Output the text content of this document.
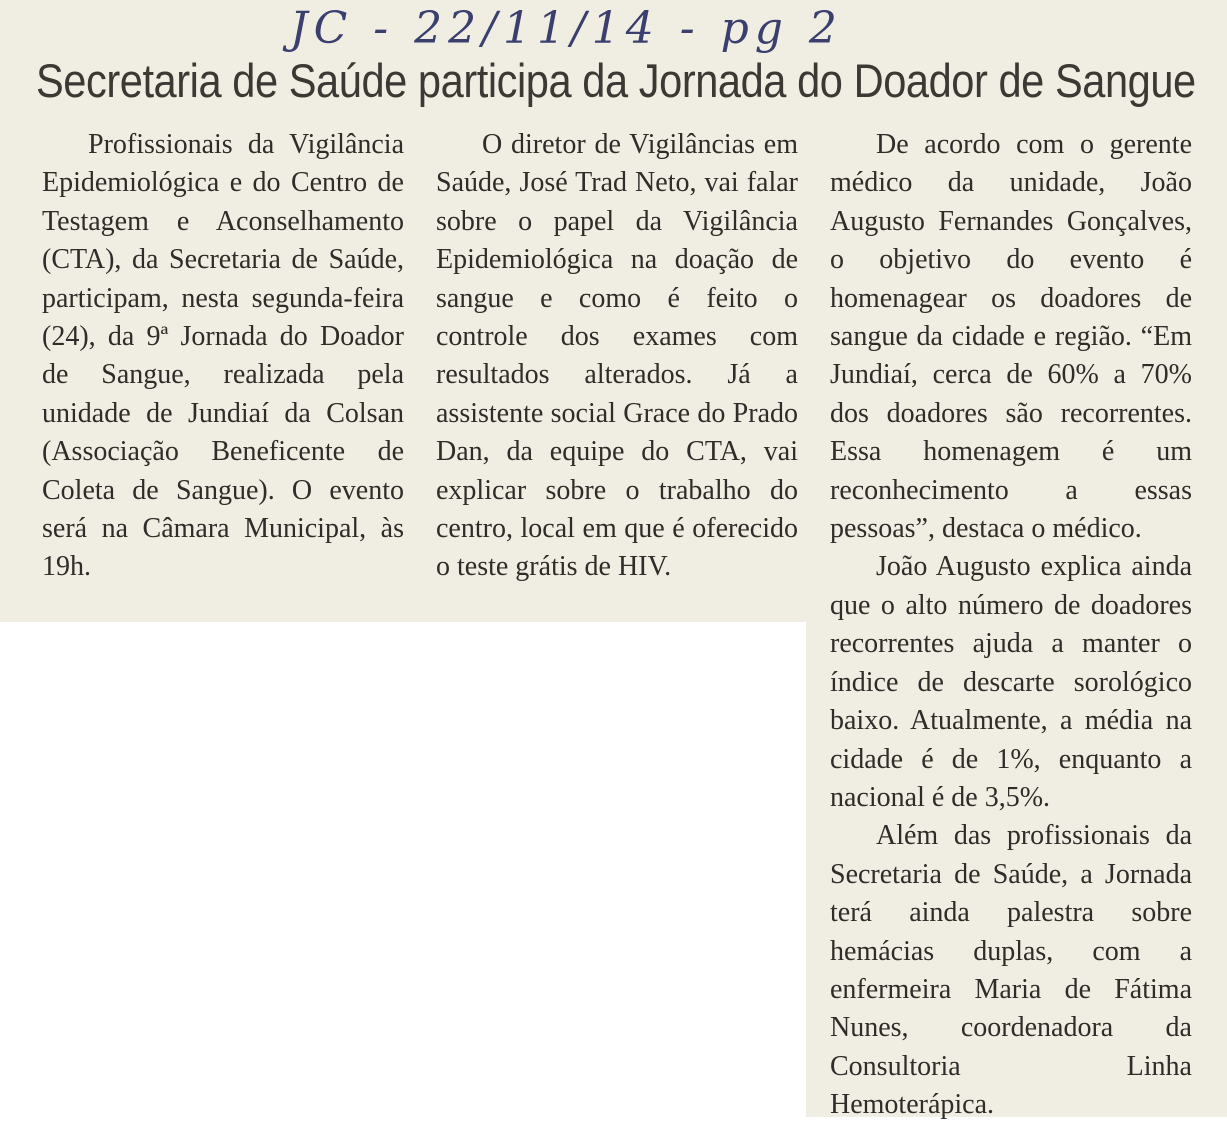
JC - 22/11/14 - pg 2
Secretaria de Saúde participa da Jornada do Doador de Sangue

Profissionais da Vigilância Epidemiológica e do Centro de Testagem e Aconselhamento (CTA), da Secretaria de Saúde, participam, nesta segunda-feira (24), da 9ª Jornada do Doador de Sangue, realizada pela unidade de Jundiaí da Colsan (Associação Beneficente de Coleta de Sangue). O evento será na Câmara Municipal, às 19h.

O diretor de Vigilâncias em Saúde, José Trad Neto, vai falar sobre o papel da Vigilância Epidemiológica na doação de sangue e como é feito o controle dos exames com resultados alterados. Já a assistente social Grace do Prado Dan, da equipe do CTA, vai explicar sobre o trabalho do centro, local em que é oferecido o teste grátis de HIV.

De acordo com o gerente médico da unidade, João Augusto Fernandes Gonçalves, o objetivo do evento é homenagear os doadores de sangue da cidade e região. “Em Jundiaí, cerca de 60% a 70% dos doadores são recorrentes. Essa homenagem é um reconhecimento a essas pessoas”, destaca o médico.

João Augusto explica ainda que o alto número de doadores recorrentes ajuda a manter o índice de descarte sorológico baixo. Atualmente, a média na cidade é de 1%, enquanto a nacional é de 3,5%.

Além das profissionais da Secretaria de Saúde, a Jornada terá ainda palestra sobre hemácias duplas, com a enfermeira Maria de Fátima Nunes, coordenadora da Consultoria Linha Hemoterápica.
